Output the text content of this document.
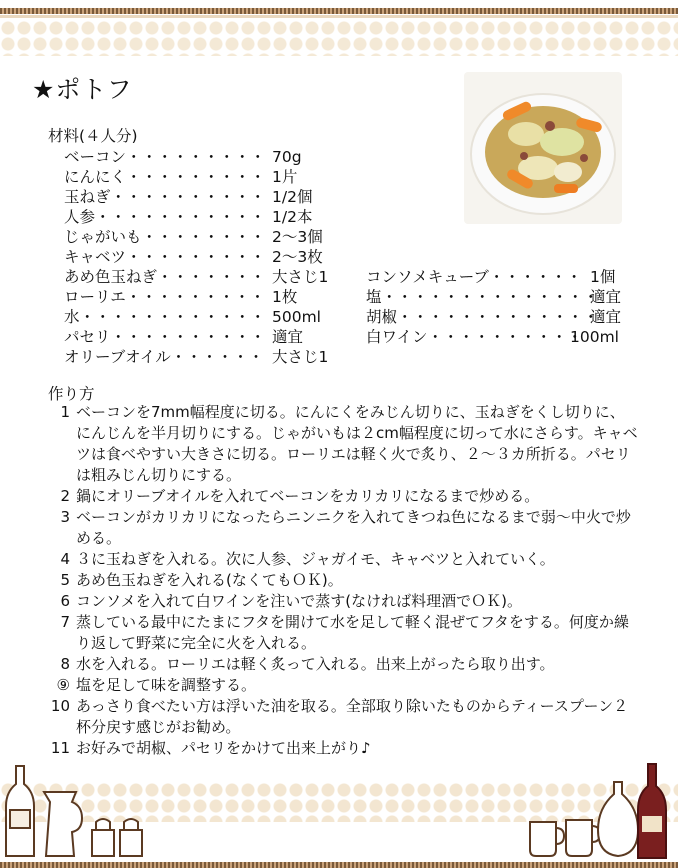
★ポトフ
材料(４人分)
ベーコン・・・・・・・・・ 70g
にんにく・・・・・・・・・ 1片
玉ねぎ・・・・・・・・・・ 1/2個
人参・・・・・・・・・・・ 1/2本
じゃがいも・・・・・・・・ 2〜3個
キャベツ・・・・・・・・・ 2〜3枚
あめ色玉ねぎ・・・・・・・ 大さじ1
ローリエ・・・・・・・・・ 1枚
水・・・・・・・・・・・・ 500ml
パセリ・・・・・・・・・・ 適宜
オリーブオイル・・・・・・ 大さじ1
コンソメキューブ・・・・・・ 1個
塩・・・・・・・・・・・・・・
適宜
胡椒・・・・・・・・・・・・・
適宜
白ワイン・・・・・・・・・・
100ml
作り方
1 ベーコンを7mm幅程度に切る。にんにくをみじん切りに、玉ねぎをくし切りに、にんじんを半月切りにする。じゃがいもは２cm幅程度に切って水にさらす。キャベツは食べやすい大きさに切る。ローリエは軽く火で炙り、２〜３カ所折る。パセリは粗みじん切りにする。
2 鍋にオリーブオイルを入れてベーコンをカリカリになるまで炒める。
3 ベーコンがカリカリになったらニンニクを入れてきつね色になるまで弱〜中火で炒める。
4 ３に玉ねぎを入れる。次に人参、ジャガイモ、キャベツと入れていく。
5 あめ色玉ねぎを入れる(なくてもＯＫ)。
6 コンソメを入れて白ワインを注いで蒸す(なければ料理酒でＯＫ)。
7 蒸している最中にたまにフタを開けて水を足して軽く混ぜてフタをする。何度か繰り返して野菜に完全に火を入れる。
8 水を入れる。ローリエは軽く炙って入れる。出来上がったら取り出す。
⑨ 塩を足して味を調整する。
10 あっさり食べたい方は浮いた油を取る。全部取り除いたものからティースプーン２杯分戻す感じがお勧め。
11 お好みで胡椒、パセリをかけて出来上がり♪
